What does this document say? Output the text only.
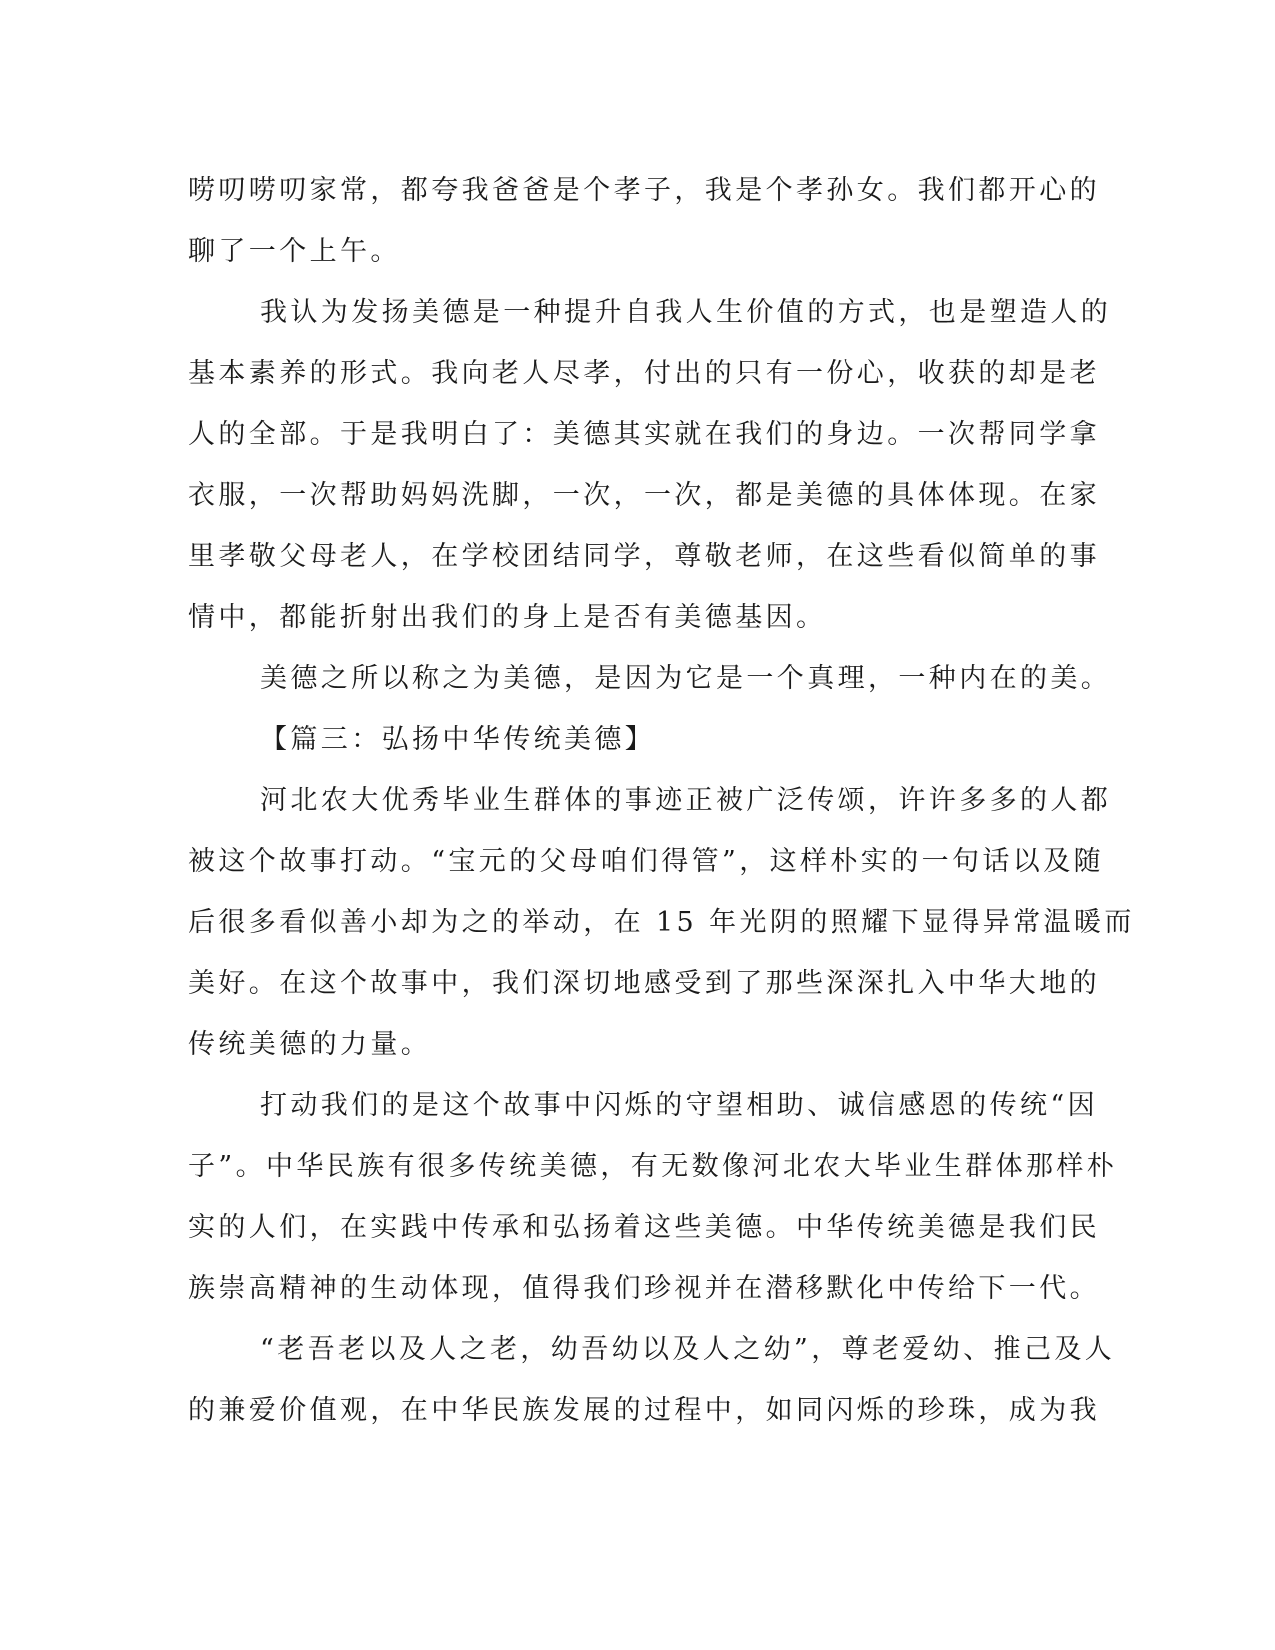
唠叨唠叨家常，都夸我爸爸是个孝子，我是个孝孙女。我们都开心的
聊了一个上午。

我认为发扬美德是一种提升自我人生价值的方式，也是塑造人的
基本素养的形式。我向老人尽孝，付出的只有一份心，收获的却是老
人的全部。于是我明白了：美德其实就在我们的身边。一次帮同学拿
衣服，一次帮助妈妈洗脚，一次，一次，都是美德的具体体现。在家
里孝敬父母老人，在学校团结同学，尊敬老师，在这些看似简单的事
情中，都能折射出我们的身上是否有美德基因。

美德之所以称之为美德，是因为它是一个真理，一种内在的美。

【篇三：弘扬中华传统美德】

河北农大优秀毕业生群体的事迹正被广泛传颂，许许多多的人都
被这个故事打动。“宝元的父母咱们得管”，这样朴实的一句话以及随
后很多看似善小却为之的举动，在 15 年光阴的照耀下显得异常温暖而
美好。在这个故事中，我们深切地感受到了那些深深扎入中华大地的
传统美德的力量。

打动我们的是这个故事中闪烁的守望相助、诚信感恩的传统“因
子”。中华民族有很多传统美德，有无数像河北农大毕业生群体那样朴
实的人们，在实践中传承和弘扬着这些美德。中华传统美德是我们民
族崇高精神的生动体现，值得我们珍视并在潜移默化中传给下一代。

“老吾老以及人之老，幼吾幼以及人之幼”，尊老爱幼、推己及人
的兼爱价值观，在中华民族发展的过程中，如同闪烁的珍珠，成为我
